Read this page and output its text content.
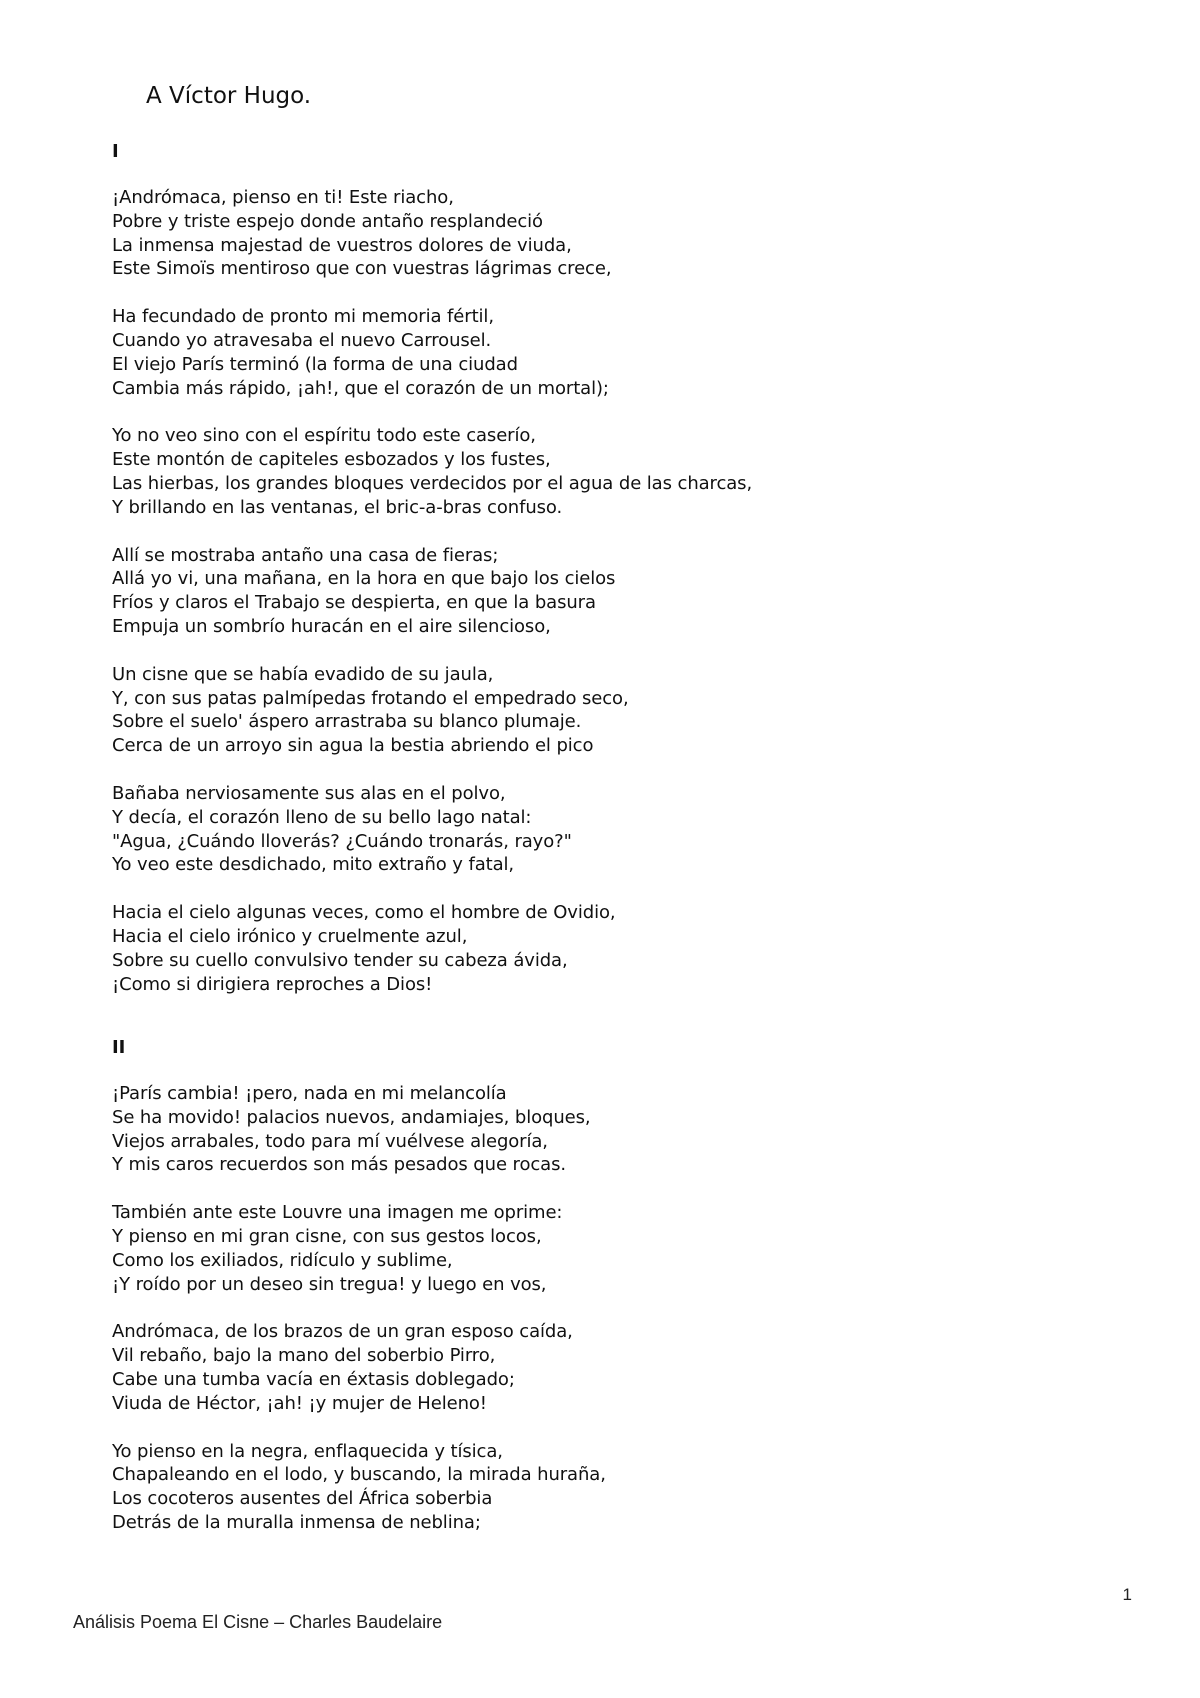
A Víctor Hugo.
I
¡Andrómaca, pienso en ti! Este riacho,
Pobre y triste espejo donde antaño resplandeció
La inmensa majestad de vuestros dolores de viuda,
Este Simoïs mentiroso que con vuestras lágrimas crece,
Ha fecundado de pronto mi memoria fértil,
Cuando yo atravesaba el nuevo Carrousel.
El viejo París terminó (la forma de una ciudad
Cambia más rápido, ¡ah!, que el corazón de un mortal);
Yo no veo sino con el espíritu todo este caserío,
Este montón de capiteles esbozados y los fustes,
Las hierbas, los grandes bloques verdecidos por el agua de las charcas,
Y brillando en las ventanas, el bric-a-bras confuso.
Allí se mostraba antaño una casa de fieras;
Allá yo vi, una mañana, en la hora en que bajo los cielos
Fríos y claros el Trabajo se despierta, en que la basura
Empuja un sombrío huracán en el aire silencioso,
Un cisne que se había evadido de su jaula,
Y, con sus patas palmípedas frotando el empedrado seco,
Sobre el suelo' áspero arrastraba su blanco plumaje.
Cerca de un arroyo sin agua la bestia abriendo el pico
Bañaba nerviosamente sus alas en el polvo,
Y decía, el corazón lleno de su bello lago natal:
"Agua, ¿Cuándo lloverás? ¿Cuándo tronarás, rayo?"
Yo veo este desdichado, mito extraño y fatal,
Hacia el cielo algunas veces, como el hombre de Ovidio,
Hacia el cielo irónico y cruelmente azul,
Sobre su cuello convulsivo tender su cabeza ávida,
¡Como si dirigiera reproches a Dios!
II
¡París cambia! ¡pero, nada en mi melancolía
Se ha movido! palacios nuevos, andamiajes, bloques,
Viejos arrabales, todo para mí vuélvese alegoría,
Y mis caros recuerdos son más pesados que rocas.
También ante este Louvre una imagen me oprime:
Y pienso en mi gran cisne, con sus gestos locos,
Como los exiliados, ridículo y sublime,
¡Y roído por un deseo sin tregua! y luego en vos,
Andrómaca, de los brazos de un gran esposo caída,
Vil rebaño, bajo la mano del soberbio Pirro,
Cabe una tumba vacía en éxtasis doblegado;
Viuda de Héctor, ¡ah! ¡y mujer de Heleno!
Yo pienso en la negra, enflaquecida y tísica,
Chapaleando en el lodo, y buscando, la mirada huraña,
Los cocoteros ausentes del África soberbia
Detrás de la muralla inmensa de neblina;
1
Análisis Poema El Cisne – Charles Baudelaire
